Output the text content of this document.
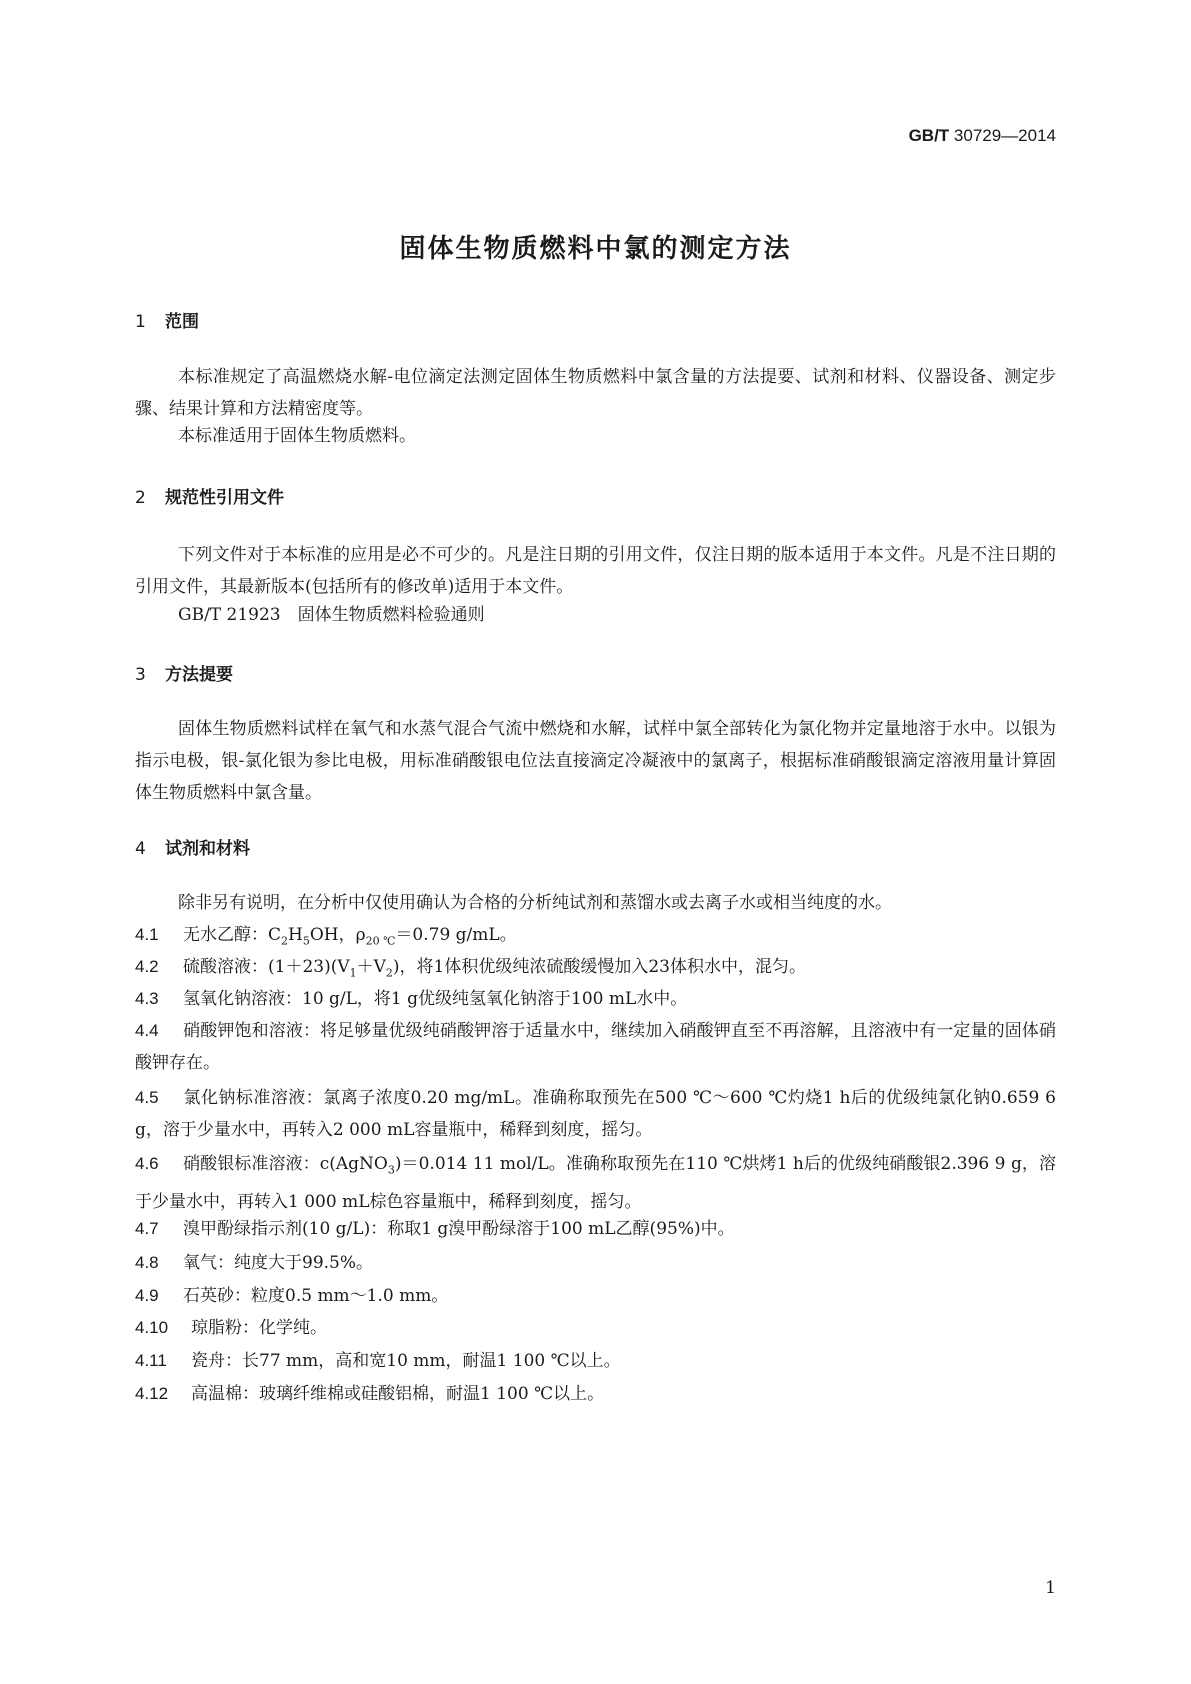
GB/T 30729—2014
固体生物质燃料中氯的测定方法
1 范围
本标准规定了高温燃烧水解-电位滴定法测定固体生物质燃料中氯含量的方法提要、试剂和材料、仪器设备、测定步骤、结果计算和方法精密度等。
本标准适用于固体生物质燃料。
2 规范性引用文件
下列文件对于本标准的应用是必不可少的。凡是注日期的引用文件，仅注日期的版本适用于本文件。凡是不注日期的引用文件，其最新版本(包括所有的修改单)适用于本文件。
GB/T 21923  固体生物质燃料检验通则
3 方法提要
固体生物质燃料试样在氧气和水蒸气混合气流中燃烧和水解，试样中氯全部转化为氯化物并定量地溶于水中。以银为指示电极，银-氯化银为参比电极，用标准硝酸银电位法直接滴定冷凝液中的氯离子，根据标准硝酸银滴定溶液用量计算固体生物质燃料中氯含量。
4 试剂和材料
除非另有说明，在分析中仅使用确认为合格的分析纯试剂和蒸馏水或去离子水或相当纯度的水。
4.1 无水乙醇：$C_2H_5OH$，$\rho_{20 ℃}=0.79$ g/mL。
4.2 硫酸溶液：$(1+23)(V_1+V_2)$，将1体积优级纯浓硫酸缓慢加入23体积水中，混匀。
4.3 氢氧化钠溶液：10 g/L，将1 g优级纯氢氧化钠溶于100 mL水中。
4.4 硝酸钾饱和溶液：将足够量优级纯硝酸钾溶于适量水中，继续加入硝酸钾直至不再溶解，且溶液中有一定量的固体硝酸钾存在。
4.5 氯化钠标准溶液：氯离子浓度0.20 mg/mL。准确称取预先在500 ℃～600 ℃灼烧1 h后的优级纯氯化钠0.659 6 g，溶于少量水中，再转入2 000 mL容量瓶中，稀释到刻度，摇匀。
4.6 硝酸银标准溶液：c(AgNO$_3$)＝0.014 11 mol/L。准确称取预先在110 ℃烘烤1 h后的优级纯硝酸银2.396 9 g，溶于少量水中，再转入1 000 mL棕色容量瓶中，稀释到刻度，摇匀。
4.7 溴甲酚绿指示剂(10 g/L)：称取1 g溴甲酚绿溶于100 mL乙醇(95%)中。
4.8 氧气：纯度大于99.5%。
4.9 石英砂：粒度0.5 mm～1.0 mm。
4.10 琼脂粉：化学纯。
4.11 瓷舟：长77 mm，高和宽10 mm，耐温1 100 ℃以上。
4.12 高温棉：玻璃纤维棉或硅酸铝棉，耐温1 100 ℃以上。
1
